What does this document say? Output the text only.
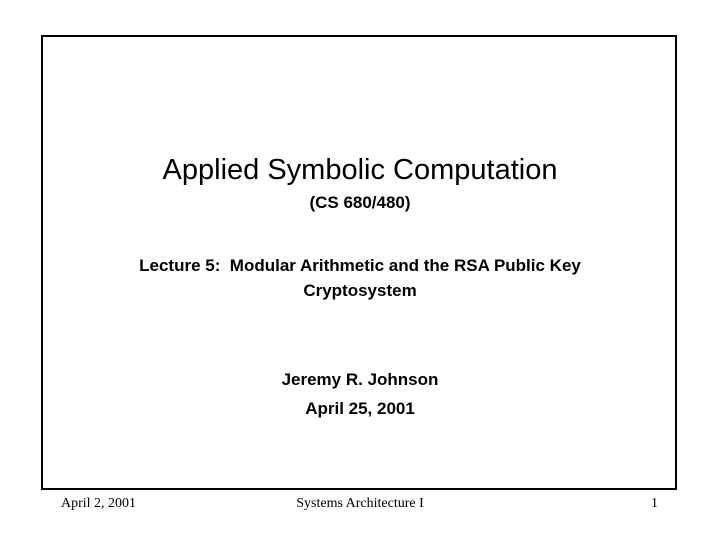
Applied Symbolic Computation
(CS 680/480)
Lecture 5:  Modular Arithmetic and the RSA Public Key
Cryptosystem
Jeremy R. Johnson
April 25, 2001
April 2, 2001	Systems Architecture I	1
